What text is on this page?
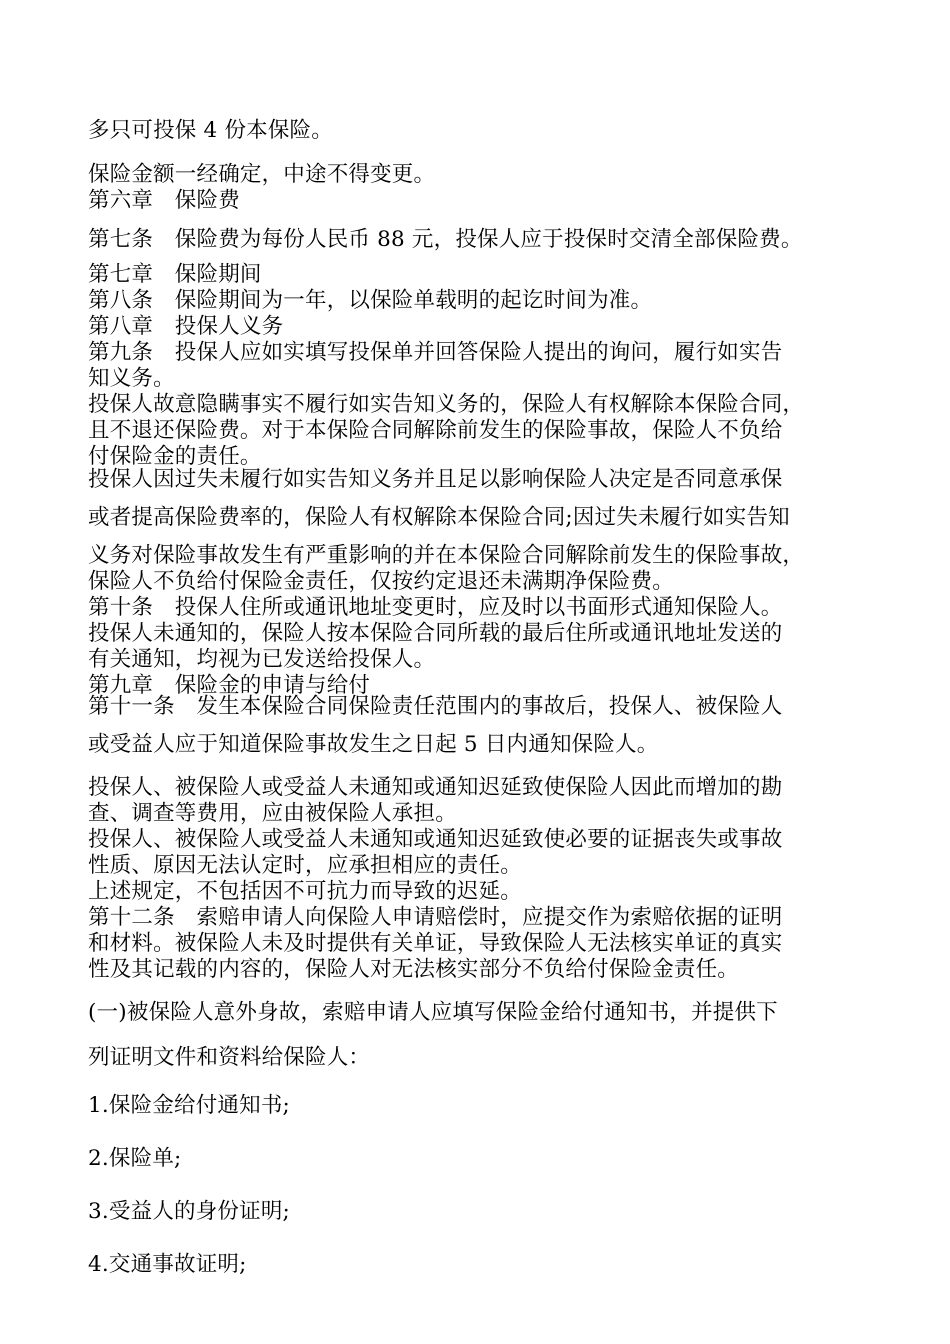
多只可投保 4 份本保险。
保险金额一经确定，中途不得变更。
第六章　保险费
第七条　保险费为每份人民币 88 元，投保人应于投保时交清全部保险费。
第七章　保险期间
第八条　保险期间为一年，以保险单载明的起讫时间为准。
第八章　投保人义务
第九条　投保人应如实填写投保单并回答保险人提出的询问，履行如实告
知义务。
投保人故意隐瞒事实不履行如实告知义务的，保险人有权解除本保险合同，
且不退还保险费。对于本保险合同解除前发生的保险事故，保险人不负给
付保险金的责任。
投保人因过失未履行如实告知义务并且足以影响保险人决定是否同意承保
或者提高保险费率的，保险人有权解除本保险合同;因过失未履行如实告知
义务对保险事故发生有严重影响的并在本保险合同解除前发生的保险事故，
保险人不负给付保险金责任，仅按约定退还未满期净保险费。
第十条　投保人住所或通讯地址变更时，应及时以书面形式通知保险人。
投保人未通知的，保险人按本保险合同所载的最后住所或通讯地址发送的
有关通知，均视为已发送给投保人。
第九章　保险金的申请与给付
第十一条　发生本保险合同保险责任范围内的事故后，投保人、被保险人
或受益人应于知道保险事故发生之日起 5 日内通知保险人。
投保人、被保险人或受益人未通知或通知迟延致使保险人因此而增加的勘
查、调查等费用，应由被保险人承担。
投保人、被保险人或受益人未通知或通知迟延致使必要的证据丧失或事故
性质、原因无法认定时，应承担相应的责任。
上述规定，不包括因不可抗力而导致的迟延。
第十二条　索赔申请人向保险人申请赔偿时，应提交作为索赔依据的证明
和材料。被保险人未及时提供有关单证，导致保险人无法核实单证的真实
性及其记载的内容的，保险人对无法核实部分不负给付保险金责任。
(一)被保险人意外身故，索赔申请人应填写保险金给付通知书，并提供下
列证明文件和资料给保险人：
1.保险金给付通知书;
2.保险单;
3.受益人的身份证明;
4.交通事故证明;
